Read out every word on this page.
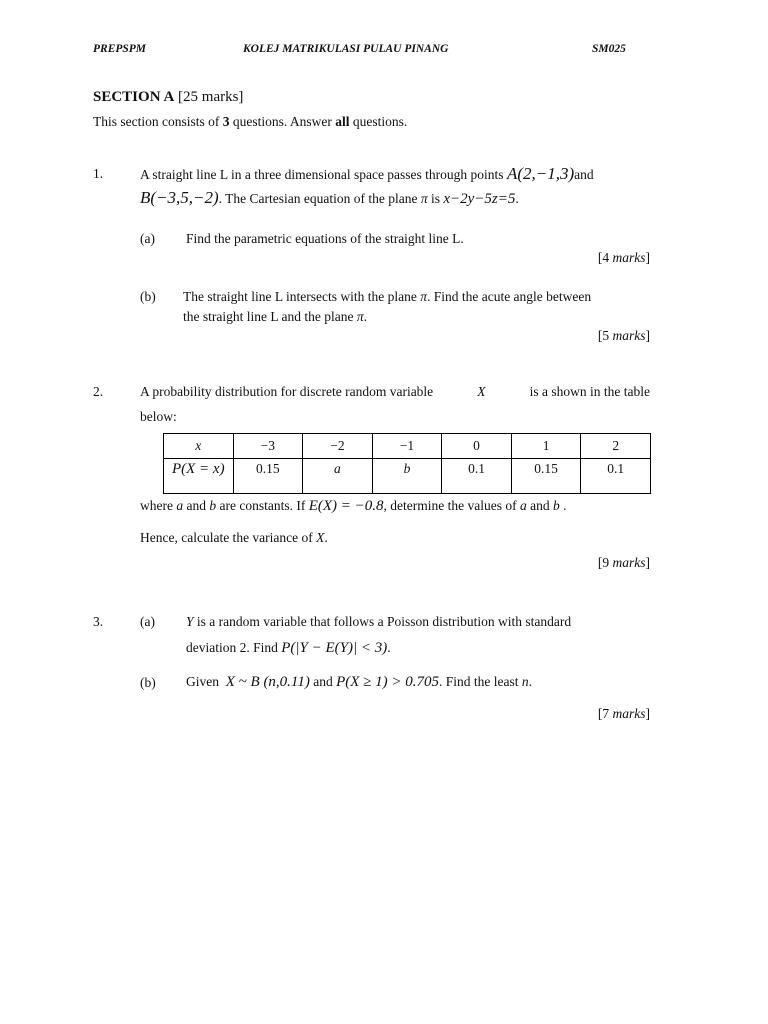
PREPSPM	KOLEJ MATRIKULASI PULAU PINANG	SM025
SECTION A [25 marks]
This section consists of 3 questions. Answer all questions.
1.	A straight line L in a three dimensional space passes through points A(2,−1,3)and
B(−3,5,−2). The Cartesian equation of the plane π is x−2y−5z=5.
(a) Find the parametric equations of the straight line L.
[4 marks]
(b) The straight line L intersects with the plane π. Find the acute angle between
the straight line L and the plane π.
[5 marks]
2.	A probability distribution for discrete random variable	X	is a shown in the table
below:
x	−3	−2	−1	0	1	2
P(X = x)	0.15	a	b	0.1	0.15	0.1
where a and b are constants. If E(X) = −0.8, determine the values of a and b .
Hence, calculate the variance of X.
[9 marks]
3.	(a) Y is a random variable that follows a Poisson distribution with standard
deviation 2. Find P(|Y − E(Y)| < 3).
(b) Given X ~ B (n,0.11) and P(X ≥ 1) > 0.705. Find the least n.
[7 marks]
